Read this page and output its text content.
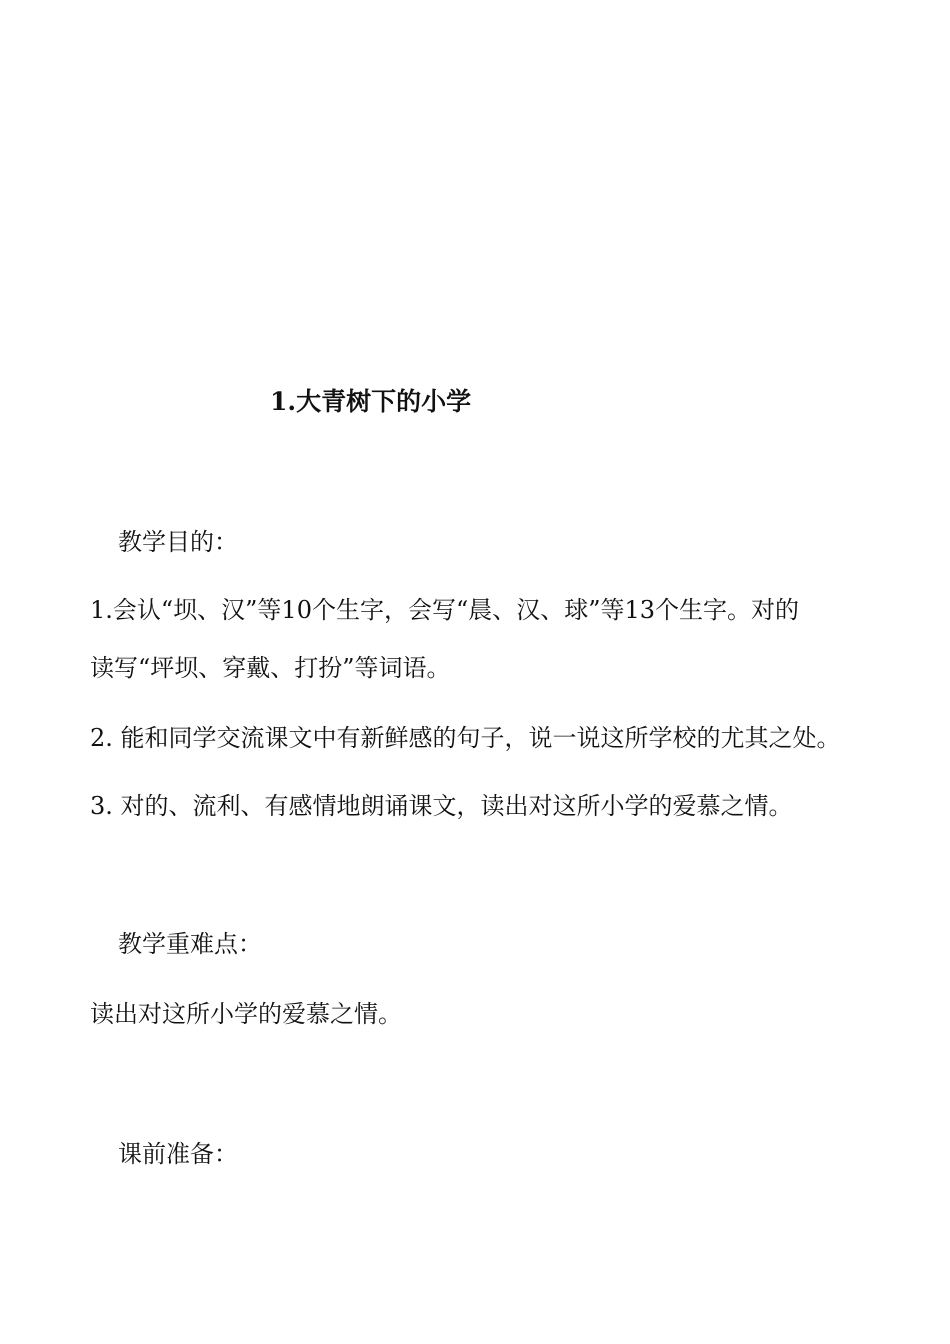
1.大青树下的小学
教学目的：
1.会认“坝、汉”等10个生字，会写“晨、汉、球”等13个生字。对的
读写“坪坝、穿戴、打扮”等词语。
2. 能和同学交流课文中有新鲜感的句子，说一说这所学校的尤其之处。
3. 对的、流利、有感情地朗诵课文，读出对这所小学的爱慕之情。
教学重难点：
读出对这所小学的爱慕之情。
课前准备：
